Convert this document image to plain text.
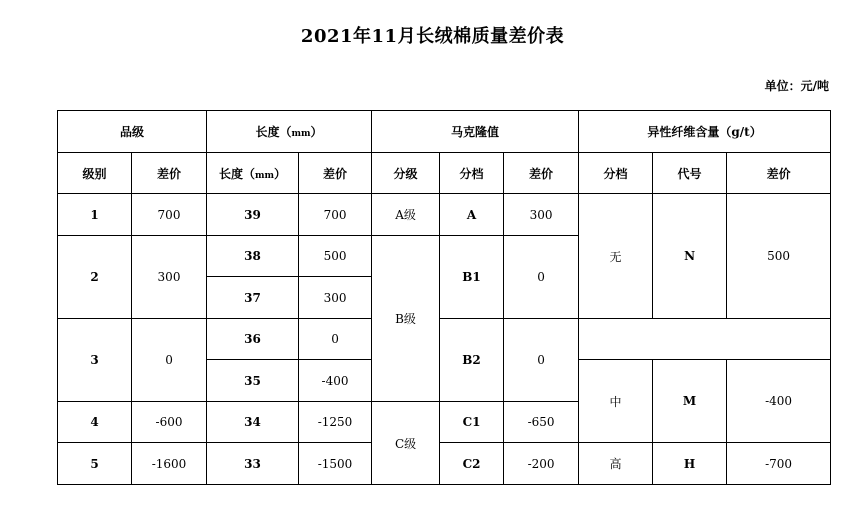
2021年11月长绒棉质量差价表
单位：元/吨
品级		长度（mm）		马克隆值			异性纤维含量（g/t）			
级别	差价	长度（mm）	差价	分级	分档	差价	分档	代号	差价	
1	700	39	700	A级	A	300	无	N	500	

2	300	38	500	B级	B1	0				
		37	300			
3	0	36	0		B2	0				
		35	-400				中	M	-400	
4	-600	34	-1250	C级	C1	-650				
5	-1600	33	-1500		C2	-200	高	H	-700	
